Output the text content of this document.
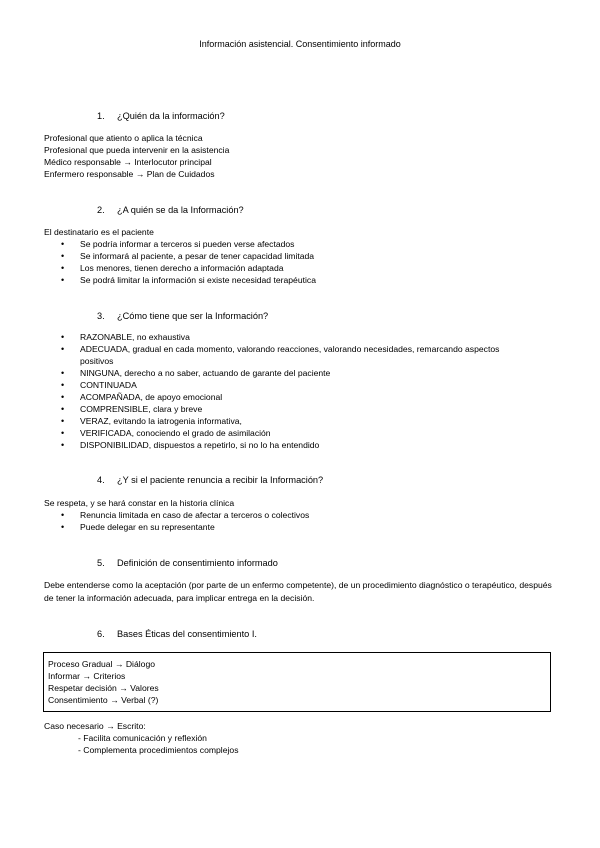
Información asistencial. Consentimiento informado
1. ¿Quién da la información?
Profesional que atiento o aplica la técnica
Profesional que pueda intervenir en la asistencia
Médico responsable → Interlocutor principal
Enfermero responsable → Plan de Cuidados
2. ¿A quién se da la Información?
El destinatario es el paciente
• Se podría informar a terceros si pueden verse afectados
• Se informará al paciente, a pesar de tener capacidad limitada
• Los menores, tienen derecho a información adaptada
• Se podrá limitar la información si existe necesidad terapéutica
3. ¿Cómo tiene que ser la Información?
• RAZONABLE, no exhaustiva
• ADECUADA, gradual en cada momento, valorando reacciones, valorando necesidades, remarcando aspectos positivos
• NINGUNA, derecho a no saber, actuando de garante del paciente
• CONTINUADA
• ACOMPAÑADA, de apoyo emocional
• COMPRENSIBLE, clara y breve
• VERAZ, evitando la iatrogenia informativa,
• VERIFICADA, conociendo el grado de asimilación
• DISPONIBILIDAD, dispuestos a repetirlo, si no lo ha entendido
4. ¿Y si el paciente renuncia a recibir la Información?
Se respeta, y se hará constar en la historia clínica
• Renuncia limitada en caso de afectar a terceros o colectivos
• Puede delegar en su representante
5. Definición de consentimiento informado
Debe entenderse como la aceptación (por parte de un enfermo competente), de un procedimiento diagnóstico o terapéutico, después de tener la información adecuada, para implicar entrega en la decisión.
6. Bases Éticas del consentimiento I.
Proceso Gradual → Diálogo
Informar → Criterios
Respetar decisión → Valores
Consentimiento → Verbal (?)
Caso necesario → Escrito:
- Facilita comunicación y reflexión
- Complementa procedimientos complejos
